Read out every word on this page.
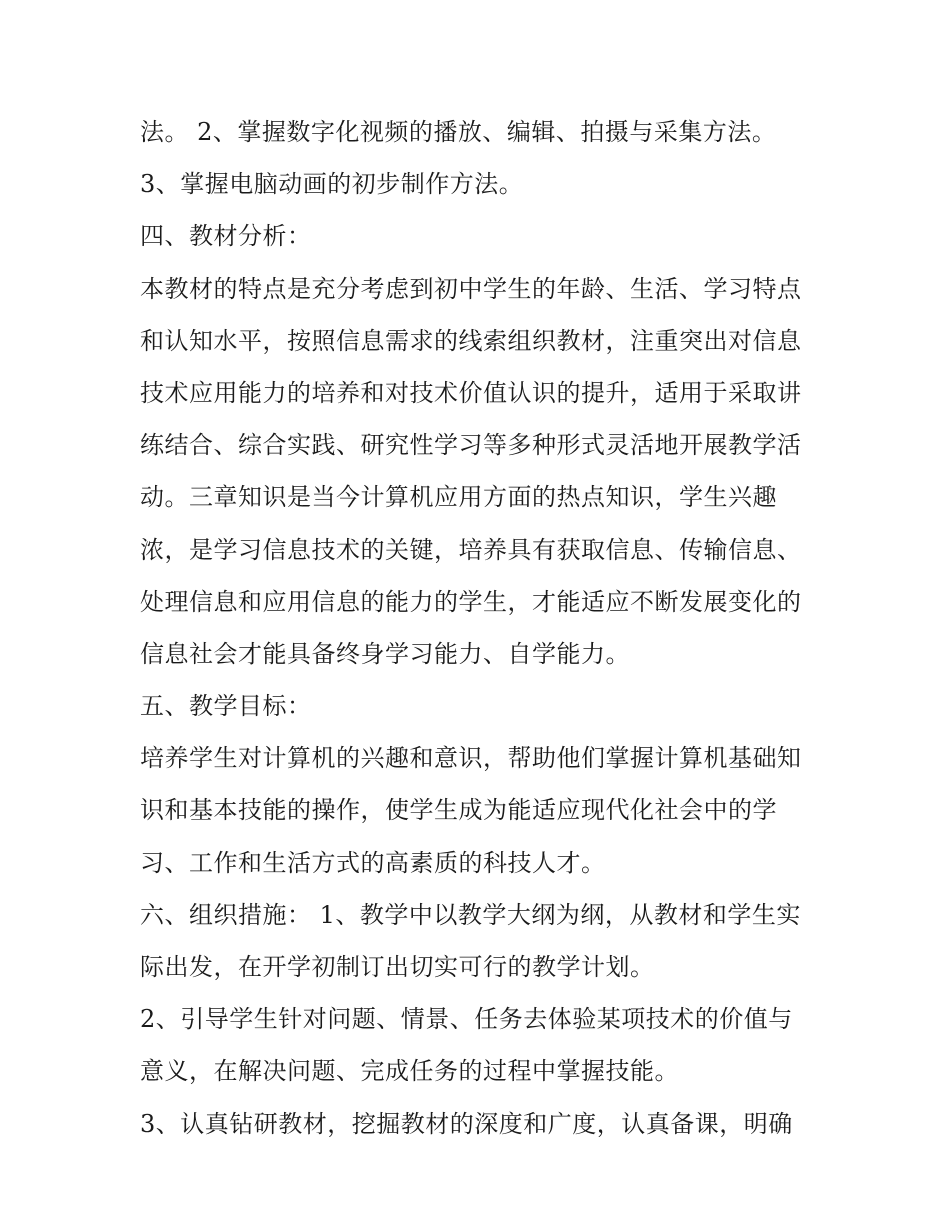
法。 2、掌握数字化视频的播放、编辑、拍摄与采集方法。
3、掌握电脑动画的初步制作方法。
四、教材分析：
本教材的特点是充分考虑到初中学生的年龄、生活、学习特点
和认知水平，按照信息需求的线索组织教材，注重突出对信息
技术应用能力的培养和对技术价值认识的提升，适用于采取讲
练结合、综合实践、研究性学习等多种形式灵活地开展教学活
动。三章知识是当今计算机应用方面的热点知识，学生兴趣
浓，是学习信息技术的关键，培养具有获取信息、传输信息、
处理信息和应用信息的能力的学生，才能适应不断发展变化的
信息社会才能具备终身学习能力、自学能力。
五、教学目标：
培养学生对计算机的兴趣和意识，帮助他们掌握计算机基础知
识和基本技能的操作，使学生成为能适应现代化社会中的学
习、工作和生活方式的高素质的科技人才。
六、组织措施： 1、教学中以教学大纲为纲，从教材和学生实
际出发，在开学初制订出切实可行的教学计划。
2、引导学生针对问题、情景、任务去体验某项技术的价值与
意义，在解决问题、完成任务的过程中掌握技能。
3、认真钻研教材，挖掘教材的深度和广度，认真备课，明确
